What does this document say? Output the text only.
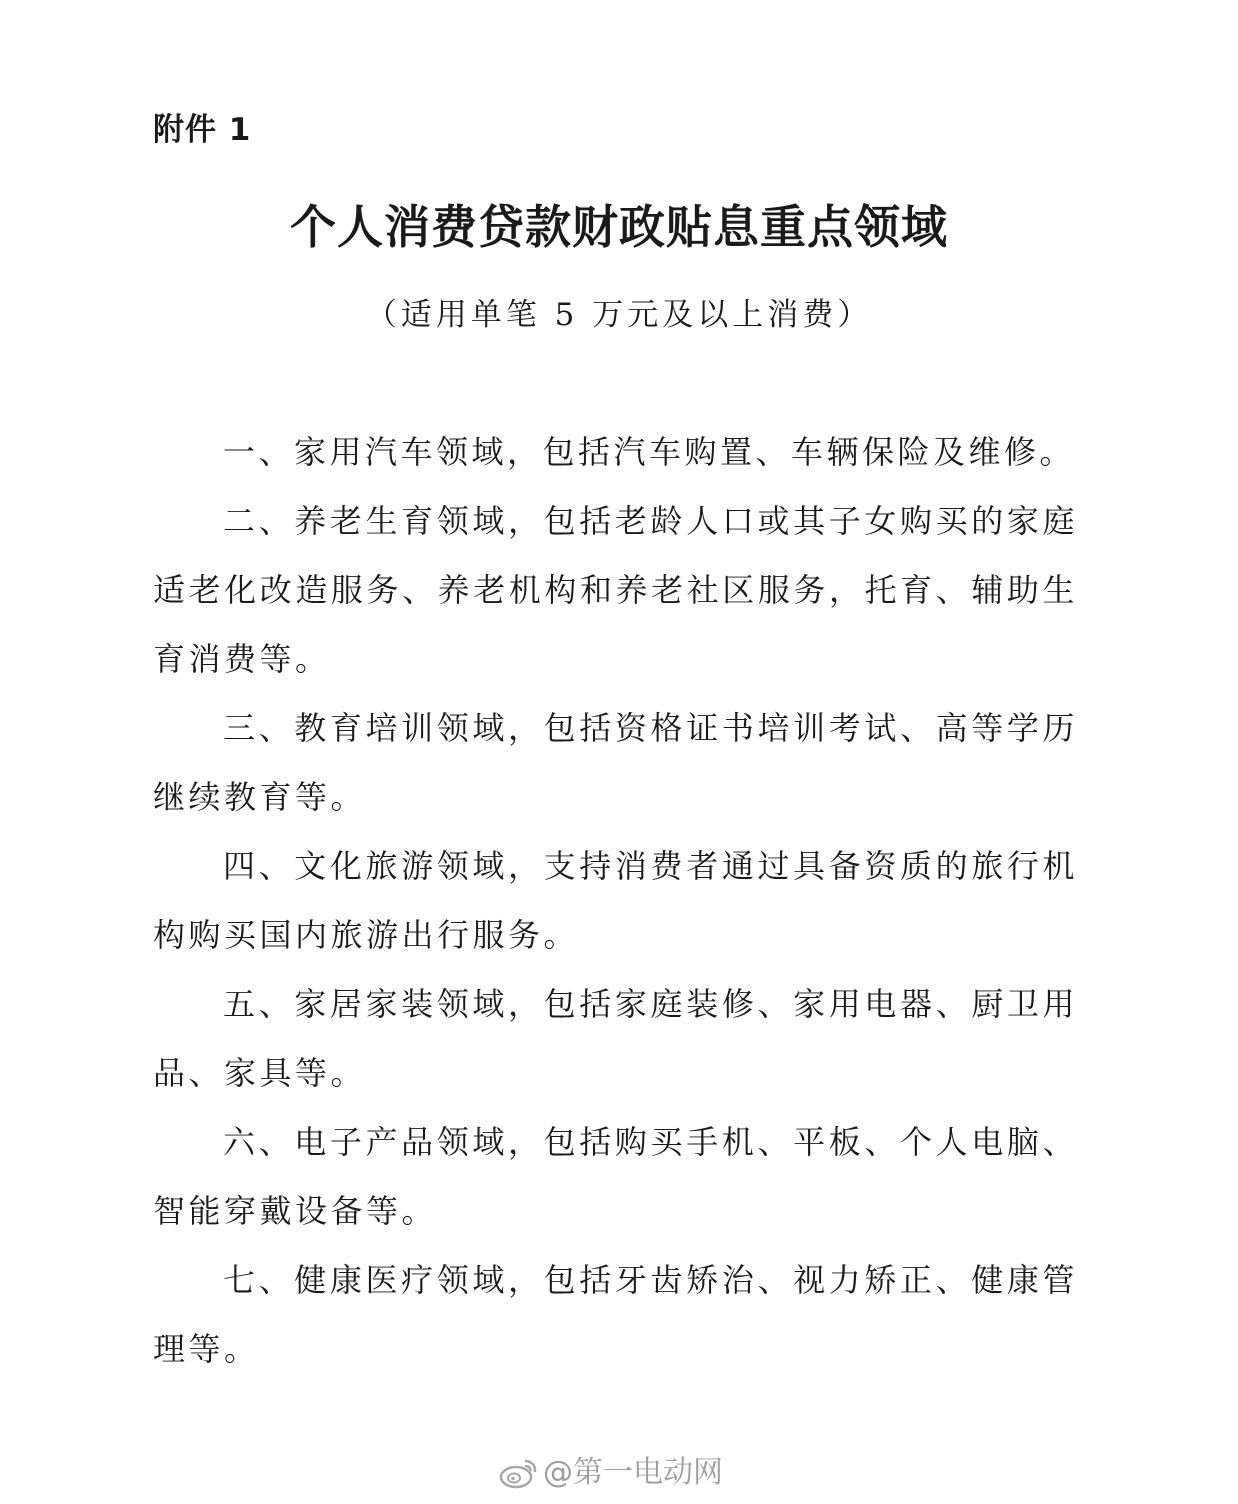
附件 1
个人消费贷款财政贴息重点领域
（适用单笔 5 万元及以上消费）

一、家用汽车领域，包括汽车购置、车辆保险及维修。

二、养老生育领域，包括老龄人口或其子女购买的家庭适老化改造服务、养老机构和养老社区服务，托育、辅助生育消费等。

三、教育培训领域，包括资格证书培训考试、高等学历继续教育等。

四、文化旅游领域，支持消费者通过具备资质的旅行机构购买国内旅游出行服务。

五、家居家装领域，包括家庭装修、家用电器、厨卫用品、家具等。

六、电子产品领域，包括购买手机、平板、个人电脑、智能穿戴设备等。

七、健康医疗领域，包括牙齿矫治、视力矫正、健康管理等。

@第一电动网
